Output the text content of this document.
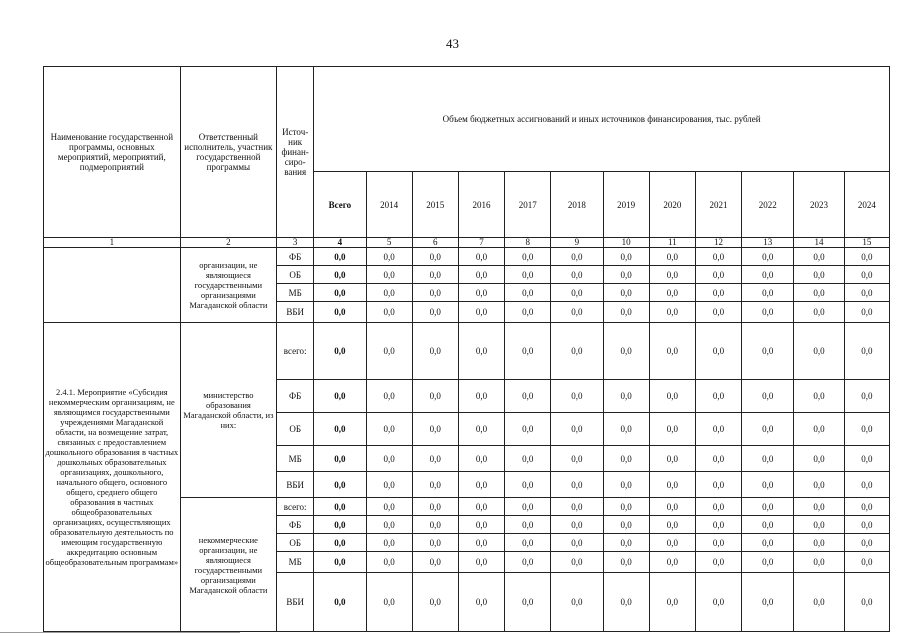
43
Наименование государственной программы, основных мероприятий, мероприятий, подмероприятий	Ответственный исполнитель, участник государственной программы	Источ-ник финан-сиро-вания	Объем бюджетных ассигнований и иных источников финансирования, тыс. рублей											
			Всего	2014	2015	2016	2017	2018	2019	2020	2021	2022	2023	2024
1	2	3	4	5	6	7	8	9	10	11	12	13	14	15
	организации, не являющиеся государственными организациями Магаданской области	ФБ	0,0	0,0	0,0	0,0	0,0	0,0	0,0	0,0	0,0	0,0	0,0	0,0
		ОБ	0,0	0,0	0,0	0,0	0,0	0,0	0,0	0,0	0,0	0,0	0,0	0,0
		МБ	0,0	0,0	0,0	0,0	0,0	0,0	0,0	0,0	0,0	0,0	0,0	0,0
		ВБИ	0,0	0,0	0,0	0,0	0,0	0,0	0,0	0,0	0,0	0,0	0,0	0,0
2.4.1. Мероприятие «Субсидия некоммерческим организациям, не являющимся государственными учреждениями Магаданской области, на возмещение затрат, связанных с предоставлением дошкольного образования в частных дошкольных образовательных организациях, дошкольного, начального общего, основного общего, среднего общего образования в частных общеобразовательных организациях, осуществляющих образовательную деятельность по имеющим государственную аккредитацию основным общеобразовательным программам»	министерство образования Магаданской области, из них:	всего:	0,0	0,0	0,0	0,0	0,0	0,0	0,0	0,0	0,0	0,0	0,0	0,0
		ФБ	0,0	0,0	0,0	0,0	0,0	0,0	0,0	0,0	0,0	0,0	0,0	0,0
		ОБ	0,0	0,0	0,0	0,0	0,0	0,0	0,0	0,0	0,0	0,0	0,0	0,0
		МБ	0,0	0,0	0,0	0,0	0,0	0,0	0,0	0,0	0,0	0,0	0,0	0,0
		ВБИ	0,0	0,0	0,0	0,0	0,0	0,0	0,0	0,0	0,0	0,0	0,0	0,0
	некоммерческие организации, не являющиеся государственными организациями Магаданской области	всего:	0,0	0,0	0,0	0,0	0,0	0,0	0,0	0,0	0,0	0,0	0,0	0,0
		ФБ	0,0	0,0	0,0	0,0	0,0	0,0	0,0	0,0	0,0	0,0	0,0	0,0
		ОБ	0,0	0,0	0,0	0,0	0,0	0,0	0,0	0,0	0,0	0,0	0,0	0,0
		МБ	0,0	0,0	0,0	0,0	0,0	0,0	0,0	0,0	0,0	0,0	0,0	0,0
		ВБИ	0,0	0,0	0,0	0,0	0,0	0,0	0,0	0,0	0,0	0,0	0,0	0,0
